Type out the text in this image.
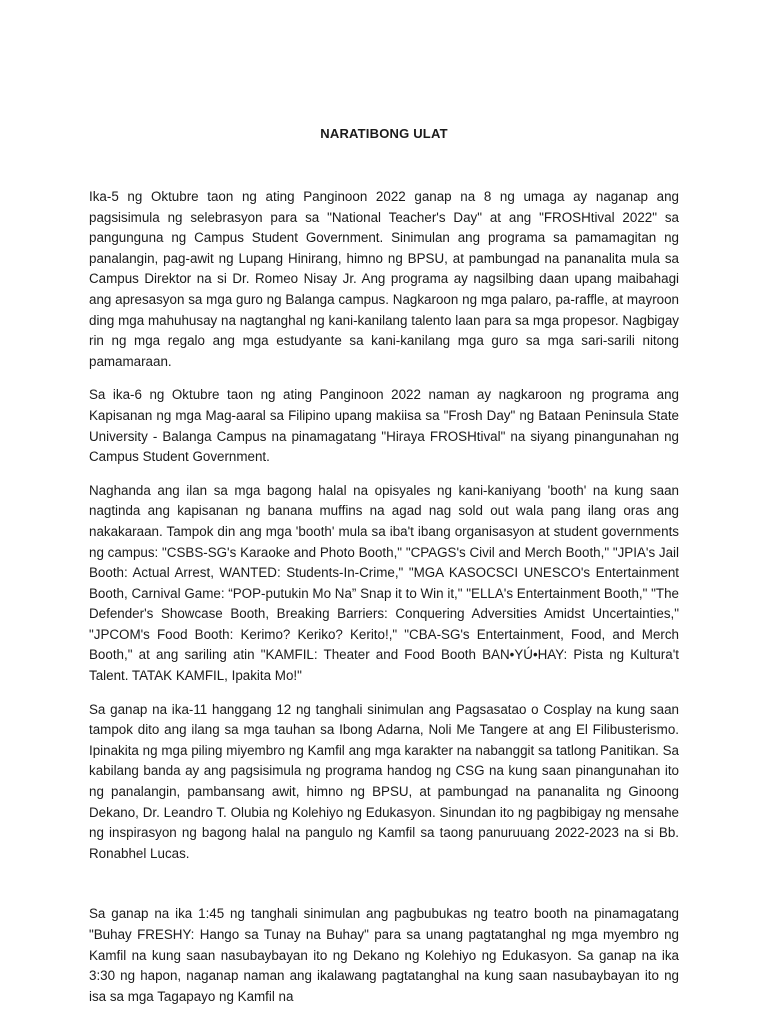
NARATIBONG ULAT

Ika-5 ng Oktubre taon ng ating Panginoon 2022 ganap na 8 ng umaga ay naganap ang pagsisimula ng selebrasyon para sa "National Teacher's Day" at ang "FROSHtival 2022" sa pangunguna ng Campus Student Government. Sinimulan ang programa sa pamamagitan ng panalangin, pag-awit ng Lupang Hinirang, himno ng BPSU, at pambungad na pananalita mula sa Campus Direktor na si Dr. Romeo Nisay Jr. Ang programa ay nagsilbing daan upang maibahagi ang apresasyon sa mga guro ng Balanga campus. Nagkaroon ng mga palaro, pa-raffle, at mayroon ding mga mahuhusay na nagtanghal ng kani-kanilang talento laan para sa mga propesor. Nagbigay rin ng mga regalo ang mga estudyante sa kani-kanilang mga guro sa mga sari-sarili nitong pamamaraan.

Sa ika-6 ng Oktubre taon ng ating Panginoon 2022 naman ay nagkaroon ng programa ang Kapisanan ng mga Mag-aaral sa Filipino upang makiisa sa "Frosh Day" ng Bataan Peninsula State University - Balanga Campus na pinamagatang "Hiraya FROSHtival" na siyang pinangunahan ng Campus Student Government.

Naghanda ang ilan sa mga bagong halal na opisyales ng kani-kaniyang 'booth' na kung saan nagtinda ang kapisanan ng banana muffins na agad nag sold out wala pang ilang oras ang nakakaraan. Tampok din ang mga 'booth' mula sa iba't ibang organisasyon at student governments ng campus: "CSBS-SG's Karaoke and Photo Booth," "CPAGS's Civil and Merch Booth," "JPIA's Jail Booth: Actual Arrest, WANTED: Students-In-Crime," "MGA KASOCSCI UNESCO's Entertainment Booth, Carnival Game: “POP-putukin Mo Na” Snap it to Win it," "ELLA's Entertainment Booth," "The Defender's Showcase Booth, Breaking Barriers: Conquering Adversities Amidst Uncertainties," "JPCOM's Food Booth: Kerimo? Keriko? Kerito!," "CBA-SG's Entertainment, Food, and Merch Booth," at ang sariling atin "KAMFIL: Theater and Food Booth BAN•YÚ•HAY: Pista ng Kultura't Talent. TATAK KAMFIL, Ipakita Mo!"

Sa ganap na ika-11 hanggang 12 ng tanghali sinimulan ang Pagsasatao o Cosplay na kung saan tampok dito ang ilang sa mga tauhan sa Ibong Adarna, Noli Me Tangere at ang El Filibusterismo. Ipinakita ng mga piling miyembro ng Kamfil ang mga karakter na nabanggit sa tatlong Panitikan. Sa kabilang banda ay ang pagsisimula ng programa handog ng CSG na kung saan pinangunahan ito ng panalangin, pambansang awit, himno ng BPSU, at pambungad na pananalita ng Ginoong Dekano, Dr. Leandro T. Olubia ng Kolehiyo ng Edukasyon. Sinundan ito ng pagbibigay ng mensahe ng inspirasyon ng bagong halal na pangulo ng Kamfil sa taong panuruuang 2022-2023 na si Bb. Ronabhel Lucas.

Sa ganap na ika 1:45 ng tanghali sinimulan ang pagbubukas ng teatro booth na pinamagatang "Buhay FRESHY: Hango sa Tunay na Buhay" para sa unang pagtatanghal ng mga myembro ng Kamfil na kung saan nasubaybayan ito ng Dekano ng Kolehiyo ng Edukasyon. Sa ganap na ika 3:30 ng hapon, naganap naman ang ikalawang pagtatanghal na kung saan nasubaybayan ito ng isa sa mga Tagapayo ng Kamfil na
